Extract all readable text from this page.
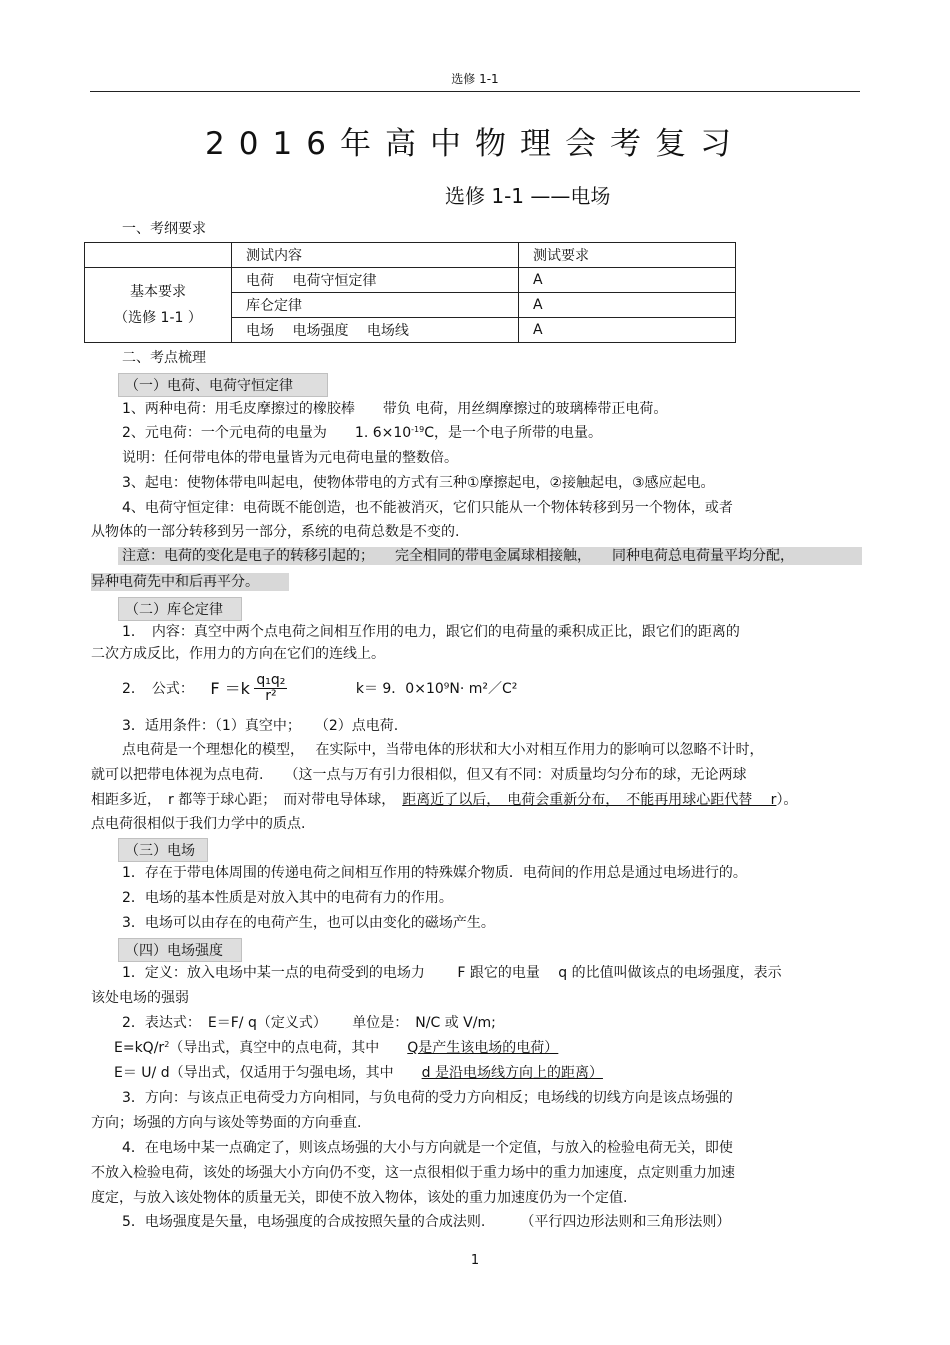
选修 1-1
2016年高中物理会考复习
选修 1-1 ——电场
一、考纲要求
	测试内容	测试要求
基本要求
（选修 1-1 ）	电荷　 电荷守恒定律	A
	库仑定律	A
	电场　 电场强度　 电场线	A
二、考点梳理
（一）电荷、电荷守恒定律
1、两种电荷：用毛皮摩擦过的橡胶棒　　带负 电荷，用丝绸摩擦过的玻璃棒带正电荷。
2、元电荷：一个元电荷的电量为　　1. $6\times 10^{-19}C$，是一个电子所带的电量。
说明：任何带电体的带电量皆为元电荷电量的整数倍。
3、起电：使物体带电叫起电，使物体带电的方式有三种①摩擦起电，②接触起电，③感应起电。
4、电荷守恒定律：电荷既不能创造，也不能被消灭，它们只能从一个物体转移到另一个物体，或者
从物体的一部分转移到另一部分，系统的电荷总数是不变的.
注意：电荷的变化是电子的转移引起的；　　完全相同的带电金属球相接触，　　同种电荷总电荷量平均分配，
异种电荷先中和后再平分。
（二）库仑定律
1．　内容：真空中两个点电荷之间相互作用的电力，跟它们的电荷量的乘积成正比，跟它们的距离的
二次方成反比，作用力的方向在它们的连线上。
2．　公式： $F =k \frac{\text{q₁q₂}}{\text{r²}}$	k＝ 9．0×10⁹N· m²／C²
3．适用条件：（1）真空中；　　（2）点电荷.
点电荷是一个理想化的模型，　 在实际中，当带电体的形状和大小对相互作用力的影响可以忽略不计时，
就可以把带电体视为点电荷.　　（这一点与万有引力很相似，但又有不同：对质量均匀分布的球，无论两球
相距多近，　r 都等于球心距；　而对带电导体球，　距离近了以后，　电荷会重新分布，　不能再用球心距代替　 r）。
点电荷很相似于我们力学中的质点.
（三）电场
1．存在于带电体周围的传递电荷之间相互作用的特殊媒介物质．电荷间的作用总是通过电场进行的。
2．电场的基本性质是对放入其中的电荷有力的作用。
3．电场可以由存在的电荷产生，也可以由变化的磁场产生。
（四）电场强度
1．定义：放入电场中某一点的电荷受到的电场力　　 F 跟它的电量　 q 的比值叫做该点的电场强度，表示
该处电场的强弱
2．表达式：　E＝F/ q（定义式）　　 单位是：　N/C 或 V/m;
$E=kQ/r^2$（导出式，真空中的点电荷，其中　　Q是产生该电场的电荷）
E＝ U/ d（导出式，仅适用于匀强电场，其中　　d 是沿电场线方向上的距离）
3．方向：与该点正电荷受力方向相同，与负电荷的受力方向相反；电场线的切线方向是该点场强的
方向；场强的方向与该处等势面的方向垂直.
4．在电场中某一点确定了，则该点场强的大小与方向就是一个定值，与放入的检验电荷无关，即使
不放入检验电荷，该处的场强大小方向仍不变，这一点很相似于重力场中的重力加速度，点定则重力加速
度定，与放入该处物体的质量无关，即使不放入物体，该处的重力加速度仍为一个定值.
5．电场强度是矢量，电场强度的合成按照矢量的合成法则.　　　（平行四边形法则和三角形法则）
1
